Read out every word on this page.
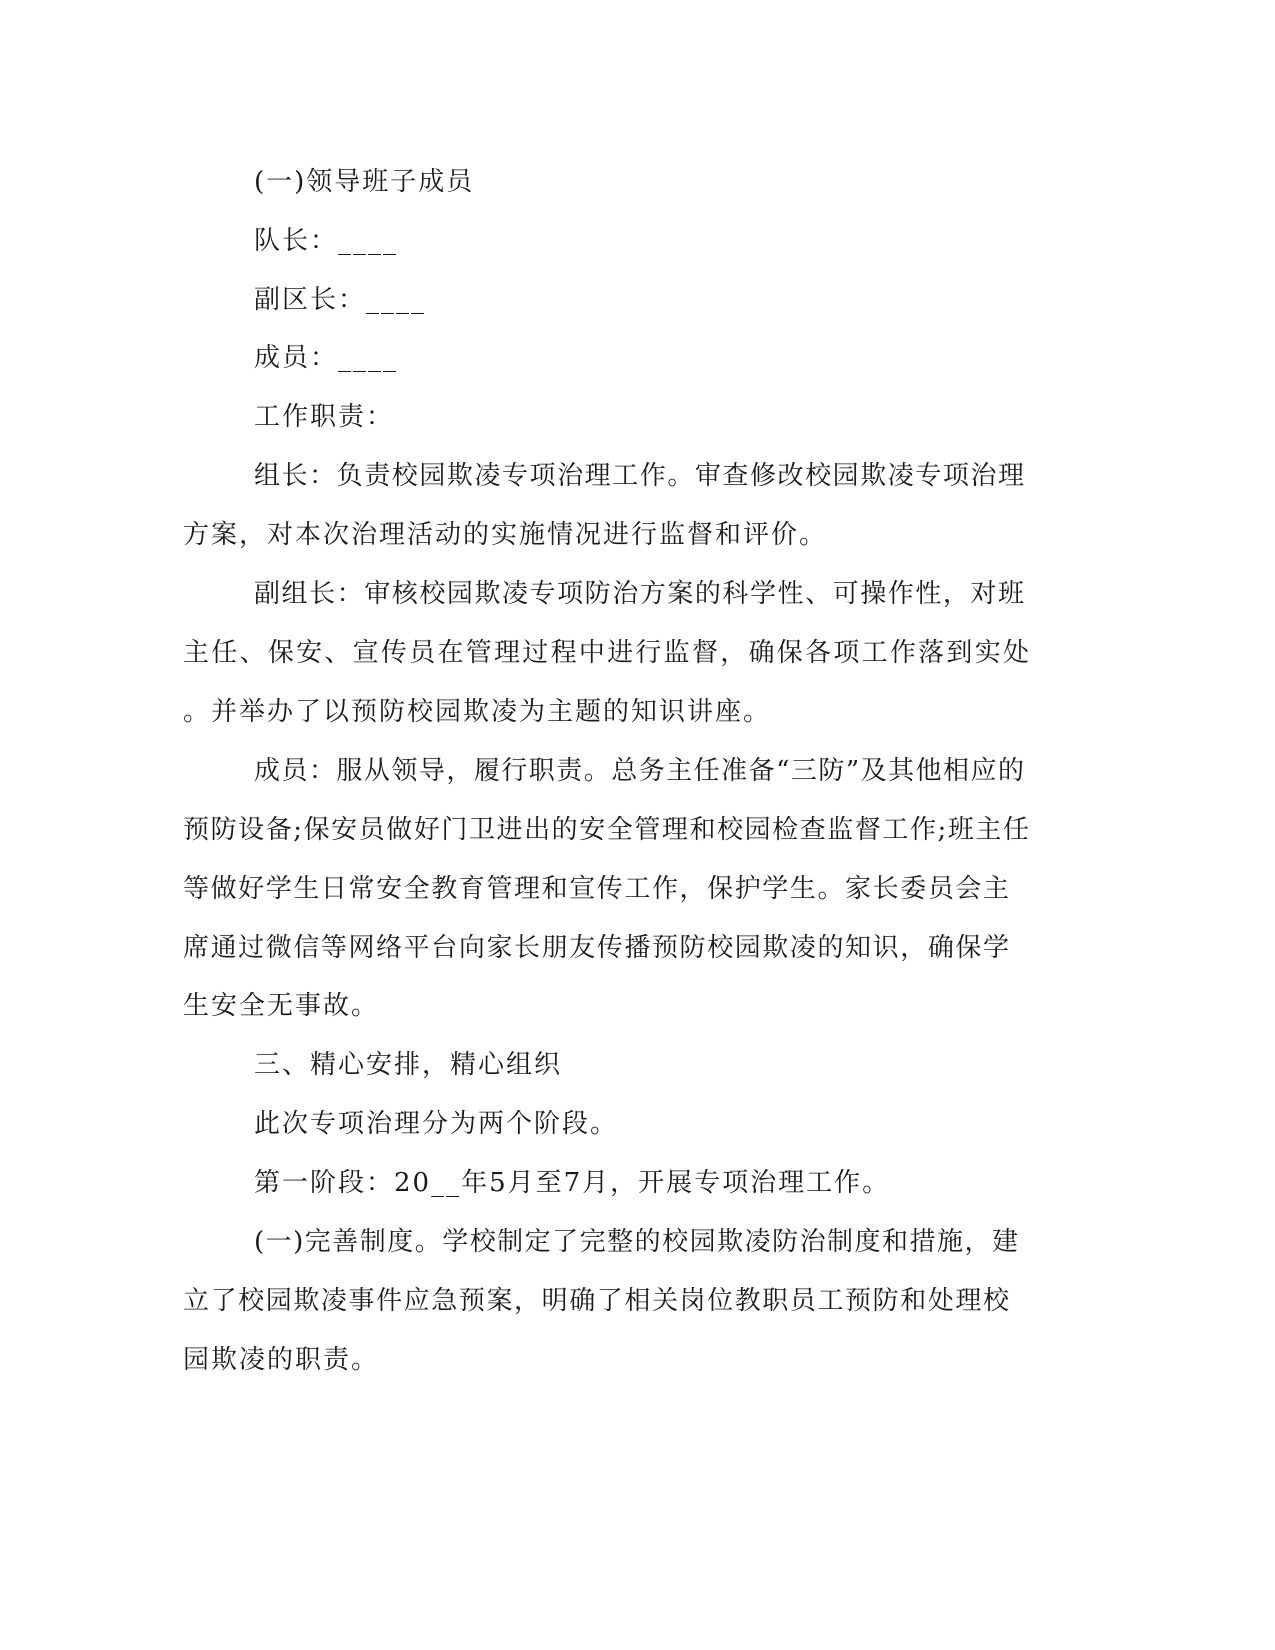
(一)领导班子成员
队长：____
副区长：____
成员：____
工作职责：
组长：负责校园欺凌专项治理工作。审查修改校园欺凌专项治理
方案，对本次治理活动的实施情况进行监督和评价。
副组长：审核校园欺凌专项防治方案的科学性、可操作性，对班
主任、保安、宣传员在管理过程中进行监督，确保各项工作落到实处
。并举办了以预防校园欺凌为主题的知识讲座。
成员：服从领导，履行职责。总务主任准备“三防”及其他相应的
预防设备;保安员做好门卫进出的安全管理和校园检查监督工作;班主任
等做好学生日常安全教育管理和宣传工作，保护学生。家长委员会主
席通过微信等网络平台向家长朋友传播预防校园欺凌的知识，确保学
生安全无事故。
三、精心安排，精心组织
此次专项治理分为两个阶段。
第一阶段：20__年5月至7月，开展专项治理工作。
(一)完善制度。学校制定了完整的校园欺凌防治制度和措施，建
立了校园欺凌事件应急预案，明确了相关岗位教职员工预防和处理校
园欺凌的职责。
